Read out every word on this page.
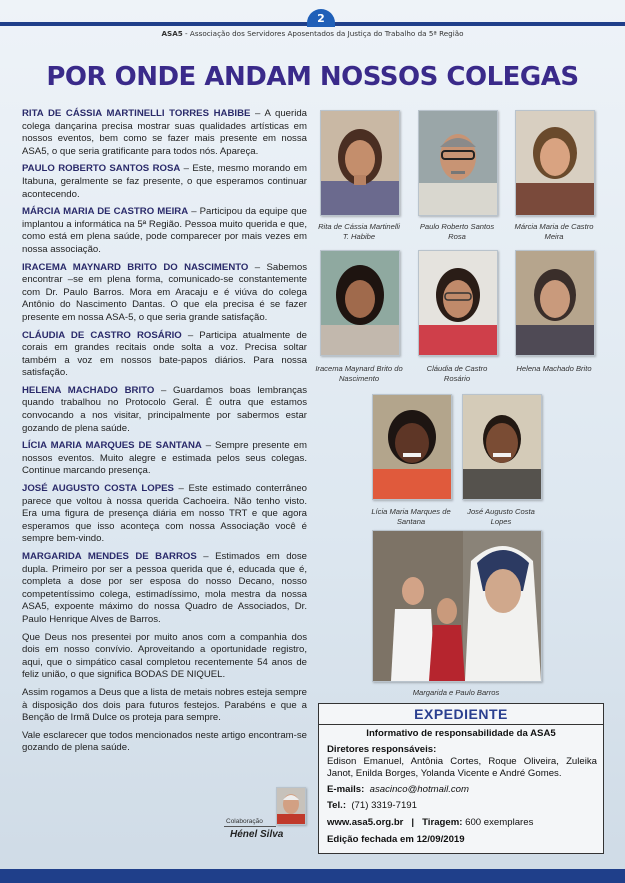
2
ASA5 - Associação dos Servidores Aposentados da Justiça do Trabalho da 5ª Região
POR ONDE ANDAM NOSSOS COLEGAS

RITA DE CÁSSIA MARTINELLI TORRES HABIBE – A querida colega dançarina precisa mostrar suas qualidades artísticas em nossos eventos, bem como se fazer mais presente em nossa ASA5, o que seria gratificante para todos nós. Apareça.

PAULO ROBERTO SANTOS ROSA – Este, mesmo morando em Itabuna, geralmente se faz presente, o que esperamos continuar acontecendo.

MÁRCIA MARIA DE CASTRO MEIRA – Participou da equipe que implantou a informática na 5ª Região. Pessoa muito querida e que, como está em plena saúde, pode comparecer por mais vezes em nossa associação.

IRACEMA MAYNARD BRITO DO NASCIMENTO – Sabemos encontrar –se em plena forma, comunicado-se constantemente com Dr. Paulo Barros. Mora em Aracaju e é viúva do colega Antônio do Nascimento Dantas. O que ela precisa é se fazer presente em nossa ASA-5, o que seria grande satisfação.

CLÁUDIA DE CASTRO ROSÁRIO – Participa atualmente de corais em grandes recitais onde solta a voz. Precisa soltar também a voz em nossos bate-papos diários. Para nossa satisfação.

HELENA MACHADO BRITO – Guardamos boas lembranças quando trabalhou no Protocolo Geral. É outra que estamos convocando a nos visitar, principalmente por sabermos estar gozando de plena saúde.

LÍCIA MARIA MARQUES DE SANTANA – Sempre presente em nossos eventos. Muito alegre e estimada pelos seus colegas. Continue marcando presença.

JOSÉ AUGUSTO COSTA LOPES – Este estimado conterrâneo parece que voltou à nossa querida Cachoeira. Não tenho visto. Era uma figura de presença diária em nosso TRT e que agora esperamos que isso aconteça com nossa Associação você é sempre bem-vindo.

MARGARIDA MENDES DE BARROS – Estimados em dose dupla. Primeiro por ser a pessoa querida que é, educada que é, completa a dose por ser esposa do nosso Decano, nosso competentíssimo colega, estimadíssimo, mola mestra da nossa ASA5, expoente máximo do nossa Quadro de Associados, Dr. Paulo Henrique Alves de Barros.

Que Deus nos presentei por muito anos com a companhia dos dois em nosso convívio. Aproveitando a oportunidade registro, aqui, que o simpático casal completou recentemente 54 anos de feliz união, o que significa BODAS DE NIQUEL.

Assim rogamos a Deus que a lista de metais nobres esteja sempre à disposição dos dois para futuros festejos. Parabéns e que a Benção de Irmã Dulce os proteja para sempre.

Vale esclarecer que todos mencionados neste artigo encontram-se gozando de plena saúde.

Rita de Cássia Martinelli T. Habibe
Paulo Roberto Santos Rosa
Márcia Maria de Castro Meira
Iracema Maynard Brito do Nascimento
Cláudia de Castro Rosário
Helena Machado Brito
Lícia Maria Marques de Santana
José Augusto Costa Lopes
Margarida e Paulo Barros
Colaboração
Hénel Silva
EXPEDIENTE
Informativo de responsabilidade da ASA5

Diretores responsáveis:

Edison Emanuel, Antônia Cortes, Roque Oliveira, Zuleika Janot, Enilda Borges, Yolanda Vicente e André Gomes.

E-mails: asacinco@hotmail.com

Tel.: (71) 3319-7191

www.asa5.org.br | Tiragem: 600 exemplares

Edição fechada em 12/09/2019
